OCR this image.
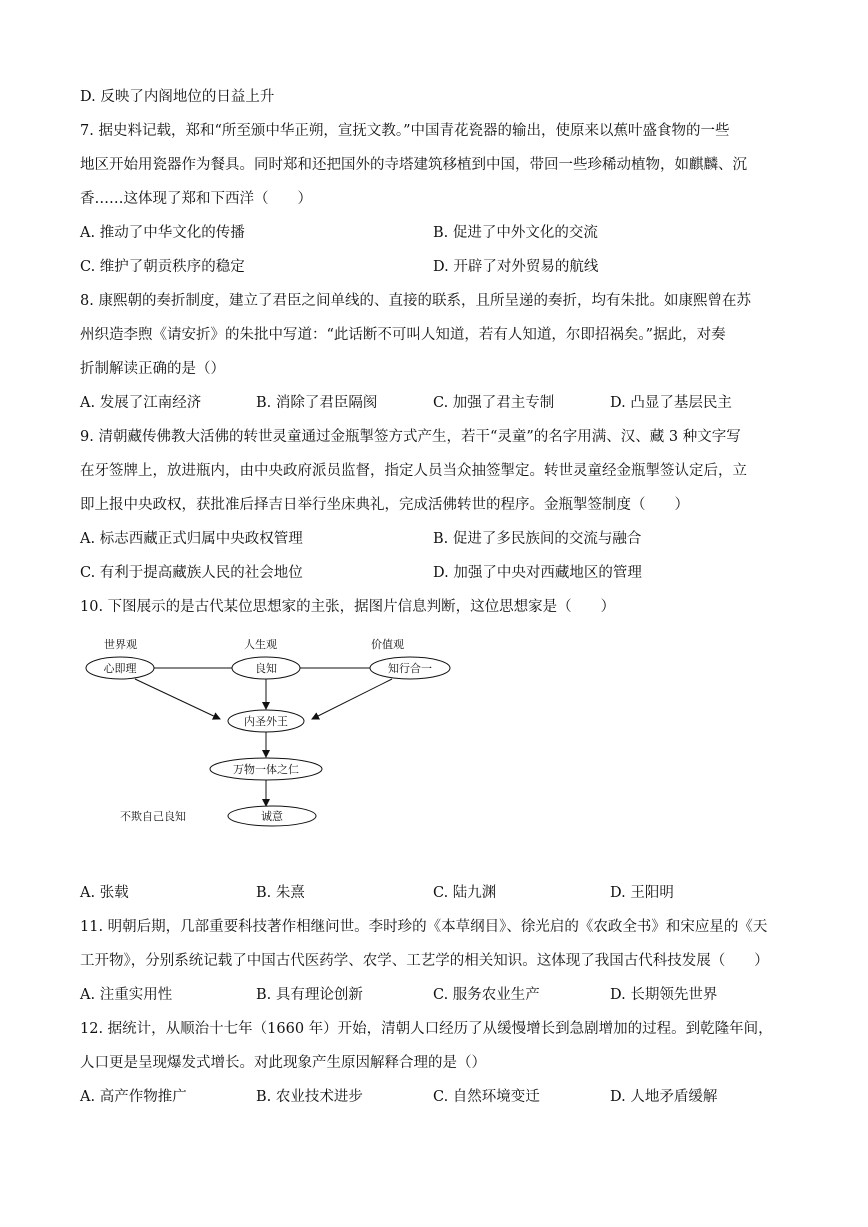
D. 反映了内阁地位的日益上升
7. 据史料记载，郑和“所至颁中华正朔，宣抚文教。”中国青花瓷器的输出，使原来以蕉叶盛食物的一些
地区开始用瓷器作为餐具。同时郑和还把国外的寺塔建筑移植到中国，带回一些珍稀动植物，如麒麟、沉
香……这体现了郑和下西洋（　　）
A. 推动了中华文化的传播	B. 促进了中外文化的交流
C. 维护了朝贡秩序的稳定	D. 开辟了对外贸易的航线
8. 康熙朝的奏折制度，建立了君臣之间单线的、直接的联系，且所呈递的奏折，均有朱批。如康熙曾在苏
州织造李煦《请安折》的朱批中写道：“此话断不可叫人知道，若有人知道，尔即招祸矣。”据此，对奏
折制解读正确的是（）
A. 发展了江南经济	B. 消除了君臣隔阂	C. 加强了君主专制	D. 凸显了基层民主
9. 清朝藏传佛教大活佛的转世灵童通过金瓶掣签方式产生，若干“灵童”的名字用满、汉、藏 3 种文字写
在牙签牌上，放进瓶内，由中央政府派员监督，指定人员当众抽签掣定。转世灵童经金瓶掣签认定后，立
即上报中央政权，获批准后择吉日举行坐床典礼，完成活佛转世的程序。金瓶掣签制度（　　）
A. 标志西藏正式归属中央政权管理	B. 促进了多民族间的交流与融合
C. 有利于提高藏族人民的社会地位	D. 加强了中央对西藏地区的管理
10. 下图展示的是古代某位思想家的主张，据图片信息判断，这位思想家是（　　）
世界观	人生观	价值观
心即理	良知	知行合一
内圣外王
万物一体之仁
诚意
不欺自己良知
A. 张载	B. 朱熹	C. 陆九渊	D. 王阳明
11. 明朝后期，几部重要科技著作相继问世。李时珍的《本草纲目》、徐光启的《农政全书》和宋应星的《天
工开物》，分别系统记载了中国古代医药学、农学、工艺学的相关知识。这体现了我国古代科技发展（　　）
A. 注重实用性	B. 具有理论创新	C. 服务农业生产	D. 长期领先世界
12. 据统计，从顺治十七年（1660 年）开始，清朝人口经历了从缓慢增长到急剧增加的过程。到乾隆年间，
人口更是呈现爆发式增长。对此现象产生原因解释合理的是（）
A. 高产作物推广	B. 农业技术进步	C. 自然环境变迁	D. 人地矛盾缓解
